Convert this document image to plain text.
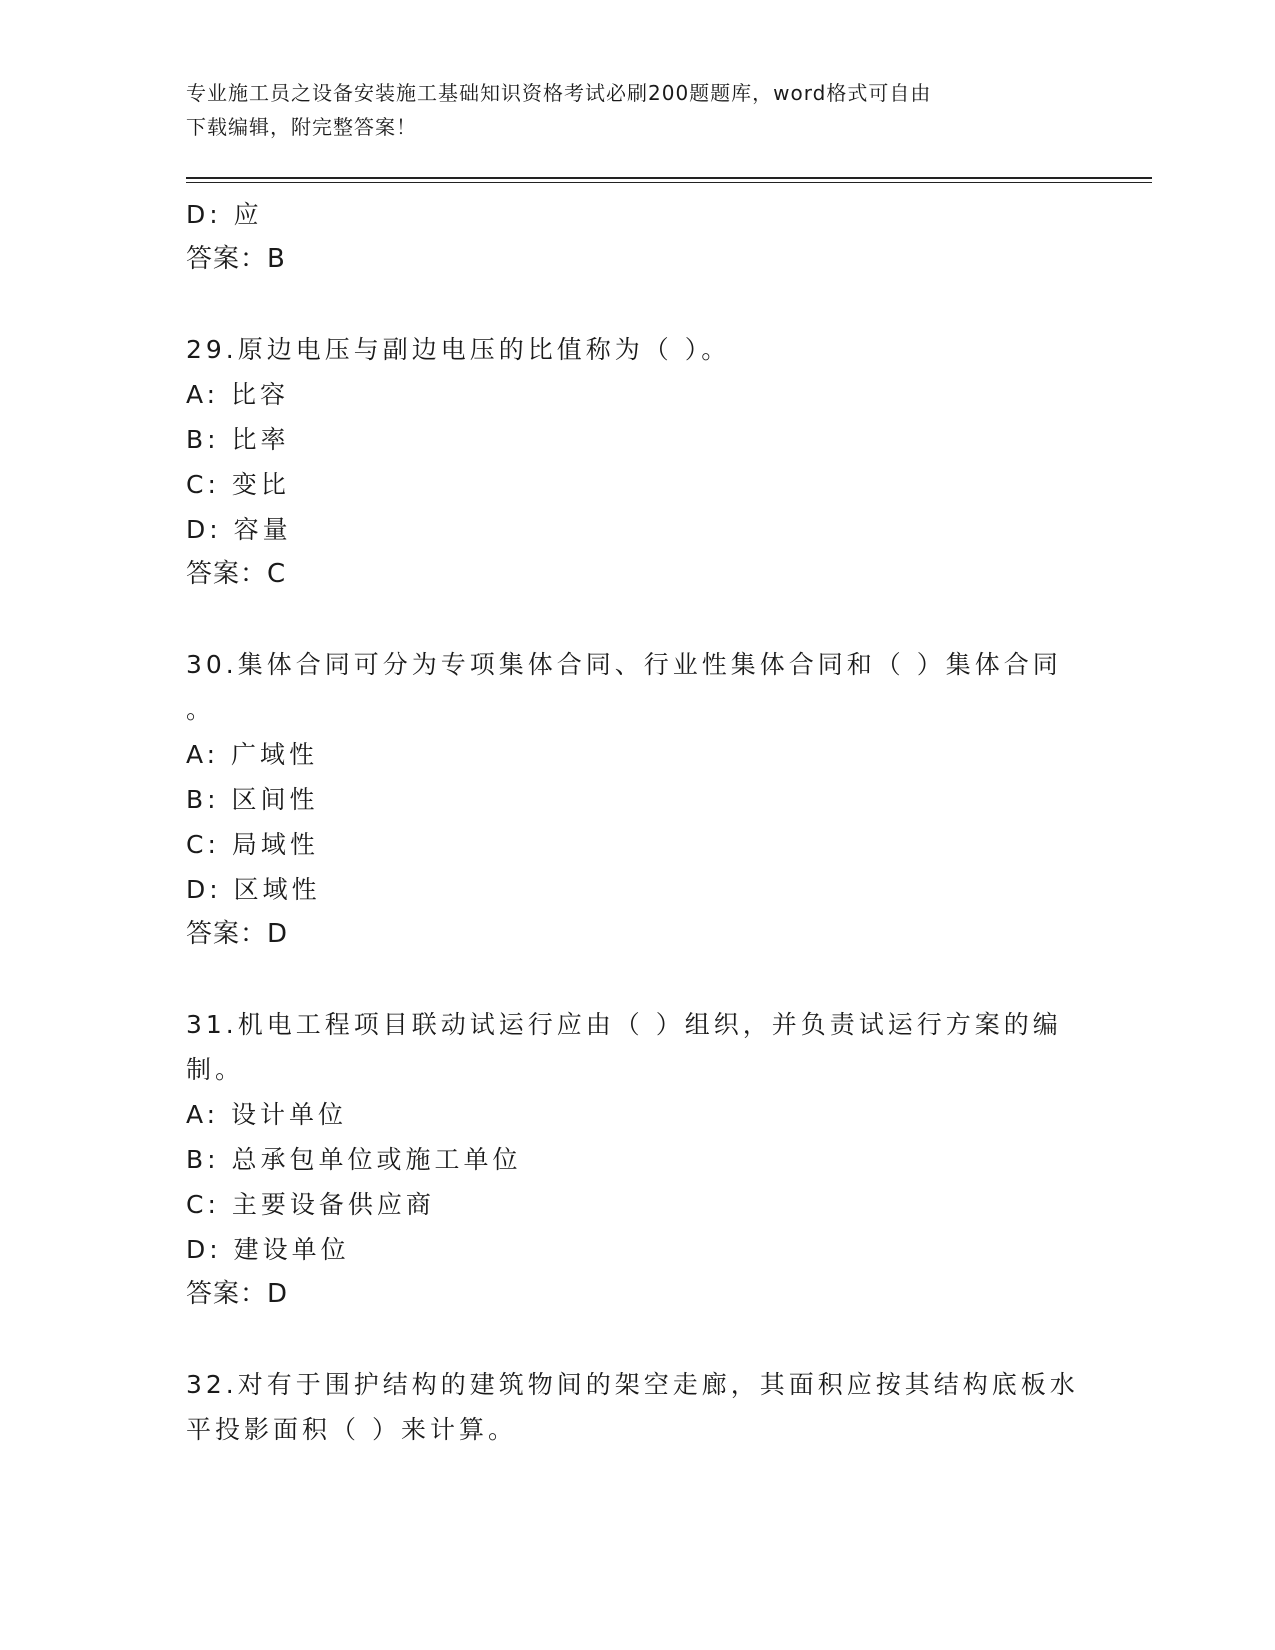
专业施工员之设备安装施工基础知识资格考试必刷200题题库，word格式可自由
下载编辑，附完整答案！
D: 应
答案：B
29.原边电压与副边电压的比值称为（ ）。
A: 比容
B: 比率
C: 变比
D: 容量
答案：C
30.集体合同可分为专项集体合同、行业性集体合同和（ ）集体合同
。
A: 广域性
B: 区间性
C: 局域性
D: 区域性
答案：D
31.机电工程项目联动试运行应由（ ）组织，并负责试运行方案的编
制。
A: 设计单位
B: 总承包单位或施工单位
C: 主要设备供应商
D: 建设单位
答案：D
32.对有于围护结构的建筑物间的架空走廊，其面积应按其结构底板水
平投影面积（ ）来计算。
